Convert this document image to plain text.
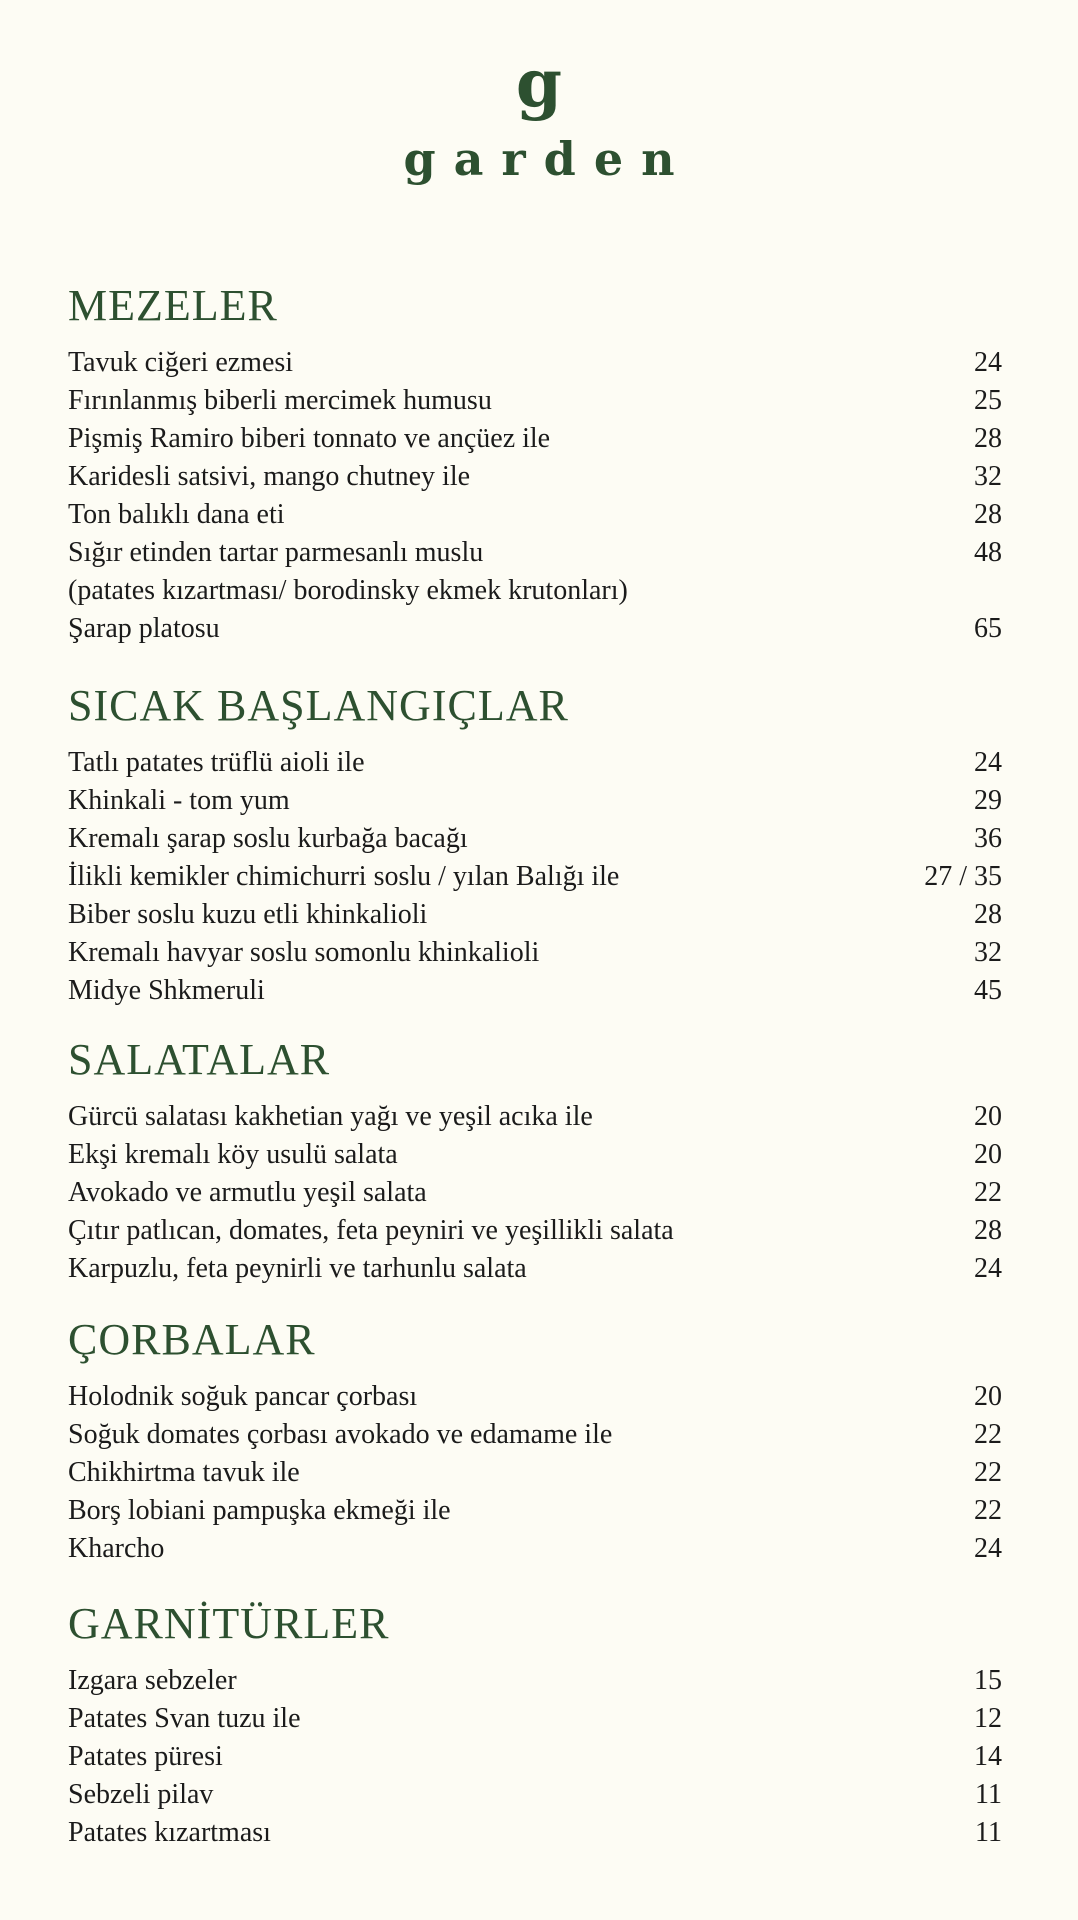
g
garden
MEZELER
Tavuk ciğeri ezmesi	24
Fırınlanmış biberli mercimek humusu	25
Pişmiş Ramiro biberi tonnato ve ançüez ile	28
Karidesli satsivi, mango chutney ile	32
Ton balıklı dana eti	28
Sığır etinden tartar parmesanlı muslu	48
(patates kızartması/ borodinsky ekmek krutonları)
Şarap platosu	65
SICAK BAŞLANGIÇLAR
Tatlı patates trüflü aioli ile	24
Khinkali - tom yum	29
Kremalı şarap soslu kurbağa bacağı	36
İlikli kemikler chimichurri soslu / yılan Balığı ile	27 / 35
Biber soslu kuzu etli khinkalioli	28
Kremalı havyar soslu somonlu khinkalioli	32
Midye Shkmeruli	45
SALATALAR
Gürcü salatası kakhetian yağı ve yeşil acıka ile	20
Ekşi kremalı köy usulü salata	20
Avokado ve armutlu yeşil salata	22
Çıtır patlıcan, domates, feta peyniri ve yeşillikli salata	28
Karpuzlu, feta peynirli ve tarhunlu salata	24
ÇORBALAR
Holodnik soğuk pancar çorbası	20
Soğuk domates çorbası avokado ve edamame ile	22
Chikhirtma tavuk ile	22
Borş lobiani pampuşka ekmeği ile	22
Kharcho	24
GARNİTÜRLER
Izgara sebzeler	15
Patates Svan tuzu ile	12
Patates püresi	14
Sebzeli pilav	11
Patates kızartması	11
